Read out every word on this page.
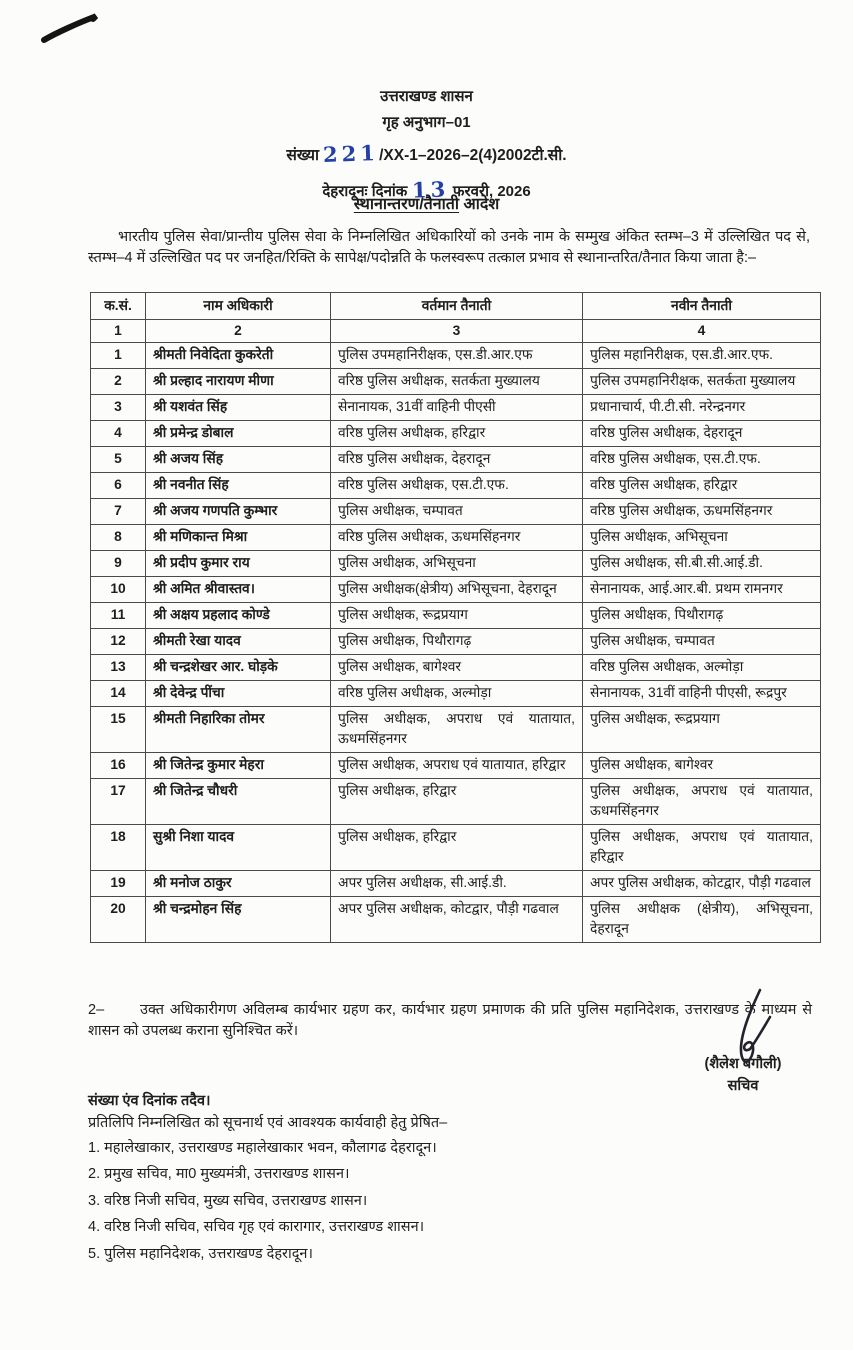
उत्तराखण्ड शासन
गृह अनुभाग–01
संख्या 221/XX-1–2026–2(4)2002टी.सी.
देहरादूनः दिनांक 13 फरवरी, 2026
स्थानान्तरण/तैनाती आदेश

भारतीय पुलिस सेवा/प्रान्तीय पुलिस सेवा के निम्नलिखित अधिकारियों को उनके नाम के सम्मुख अंकित स्तम्भ–3 में उल्लिखित पद से, स्तम्भ–4 में उल्लिखित पद पर जनहित/रिक्ति के सापेक्ष/पदोन्नति के फलस्वरूप तत्काल प्रभाव से स्थानान्तरित/तैनात किया जाता है:–

क.सं.	नाम अधिकारी	वर्तमान तैनाती	नवीन तैनाती
1	2	3	4
1	श्रीमती निवेदिता कुकरेती	पुलिस उपमहानिरीक्षक, एस.डी.आर.एफ	पुलिस महानिरीक्षक, एस.डी.आर.एफ.
2	श्री प्रल्हाद नारायण मीणा	वरिष्ठ पुलिस अधीक्षक, सतर्कता मुख्यालय	पुलिस उपमहानिरीक्षक, सतर्कता मुख्यालय
3	श्री यशवंत सिंह	सेनानायक, 31वीं वाहिनी पीएसी	प्रधानाचार्य, पी.टी.सी. नरेन्द्रनगर
4	श्री प्रमेन्द्र डोबाल	वरिष्ठ पुलिस अधीक्षक, हरिद्वार	वरिष्ठ पुलिस अधीक्षक, देहरादून
5	श्री अजय सिंह	वरिष्ठ पुलिस अधीक्षक, देहरादून	वरिष्ठ पुलिस अधीक्षक, एस.टी.एफ.
6	श्री नवनीत सिंह	वरिष्ठ पुलिस अधीक्षक, एस.टी.एफ.	वरिष्ठ पुलिस अधीक्षक, हरिद्वार
7	श्री अजय गणपति कुम्भार	पुलिस अधीक्षक, चम्पावत	वरिष्ठ पुलिस अधीक्षक, ऊधमसिंहनगर
8	श्री मणिकान्त मिश्रा	वरिष्ठ पुलिस अधीक्षक, ऊधमसिंहनगर	पुलिस अधीक्षक, अभिसूचना
9	श्री प्रदीप कुमार राय	पुलिस अधीक्षक, अभिसूचना	पुलिस अधीक्षक, सी.बी.सी.आई.डी.
10	श्री अमित श्रीवास्तव।	पुलिस अधीक्षक(क्षेत्रीय) अभिसूचना, देहरादून	सेनानायक, आई.आर.बी. प्रथम रामनगर
11	श्री अक्षय प्रहलाद कोण्डे	पुलिस अधीक्षक, रूद्रप्रयाग	पुलिस अधीक्षक, पिथौरागढ़
12	श्रीमती रेखा यादव	पुलिस अधीक्षक, पिथौरागढ़	पुलिस अधीक्षक, चम्पावत
13	श्री चन्द्रशेखर आर. घोड़के	पुलिस अधीक्षक, बागेश्वर	वरिष्ठ पुलिस अधीक्षक, अल्मोड़ा
14	श्री देवेन्द्र पींचा	वरिष्ठ पुलिस अधीक्षक, अल्मोड़ा	सेनानायक, 31वीं वाहिनी पीएसी, रूद्रपुर
15	श्रीमती निहारिका तोमर	पुलिस अधीक्षक, अपराध एवं यातायात, ऊधमसिंहनगर	पुलिस अधीक्षक, रूद्रप्रयाग
16	श्री जितेन्द्र कुमार मेहरा	पुलिस अधीक्षक, अपराध एवं यातायात, हरिद्वार	पुलिस अधीक्षक, बागेश्वर
17	श्री जितेन्द्र चौधरी	पुलिस अधीक्षक, हरिद्वार	पुलिस अधीक्षक, अपराध एवं यातायात, ऊधमसिंहनगर
18	सुश्री निशा यादव	पुलिस अधीक्षक, हरिद्वार	पुलिस अधीक्षक, अपराध एवं यातायात, हरिद्वार
19	श्री मनोज ठाकुर	अपर पुलिस अधीक्षक, सी.आई.डी.	अपर पुलिस अधीक्षक, कोटद्वार, पौड़ी गढवाल
20	श्री चन्द्रमोहन सिंह	अपर पुलिस अधीक्षक, कोटद्वार, पौड़ी गढवाल	पुलिस अधीक्षक (क्षेत्रीय), अभिसूचना, देहरादून

2– उक्त अधिकारीगण अविलम्ब कार्यभार ग्रहण कर, कार्यभार ग्रहण प्रमाणक की प्रति पुलिस महानिदेशक, उत्तराखण्ड के माध्यम से शासन को उपलब्ध कराना सुनिश्चित करें।

(शैलेश बगौली)
सचिव
संख्या एंव दिनांक तदैव।
प्रतिलिपि निम्नलिखित को सूचनार्थ एवं आवश्यक कार्यवाही हेतु प्रेषित–
1. महालेखाकार, उत्तराखण्ड महालेखाकार भवन, कौलागढ देहरादून।
2. प्रमुख सचिव, मा0 मुख्यमंत्री, उत्तराखण्ड शासन।
3. वरिष्ठ निजी सचिव, मुख्य सचिव, उत्तराखण्ड शासन।
4. वरिष्ठ निजी सचिव, सचिव गृह एवं कारागार, उत्तराखण्ड शासन।
5. पुलिस महानिदेशक, उत्तराखण्ड देहरादून।
